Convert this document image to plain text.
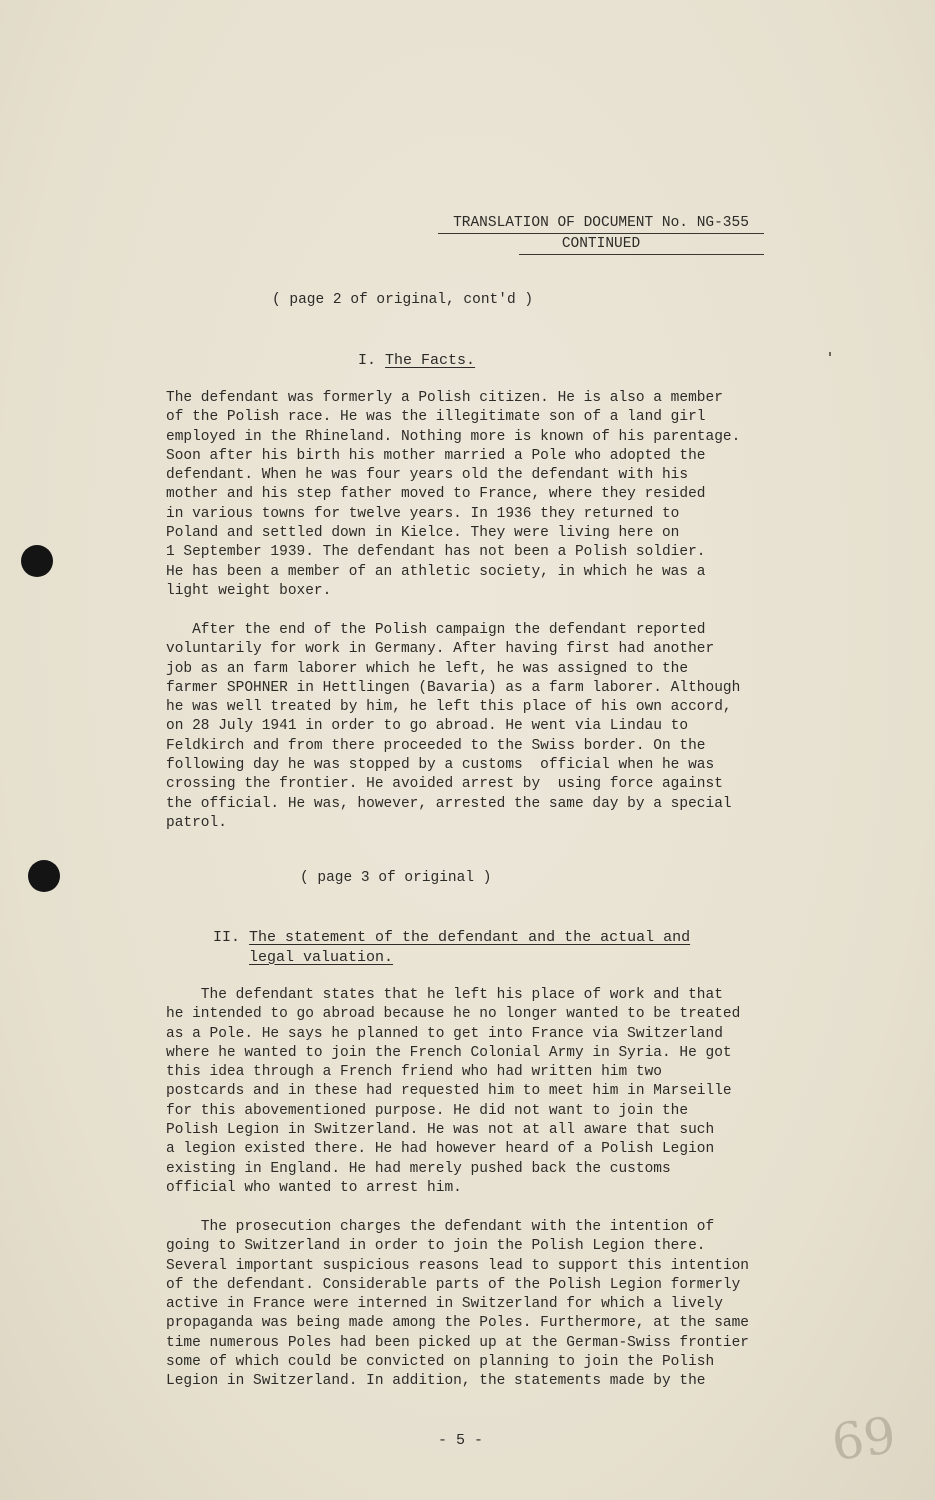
TRANSLATION OF DOCUMENT No. NG-355
CONTINUED
( page 2 of original, cont'd )
I. The Facts.
The defendant was formerly a Polish citizen. He is also a member
of the Polish race. He was the illegitimate son of a land girl
employed in the Rhineland. Nothing more is known of his parentage.
Soon after his birth his mother married a Pole who adopted the
defendant. When he was four years old the defendant with his
mother and his step father moved to France, where they resided
in various towns for twelve years. In 1936 they returned to
Poland and settled down in Kielce. They were living here on
1 September 1939. The defendant has not been a Polish soldier.
He has been a member of an athletic society, in which he was a
light weight boxer.
After the end of the Polish campaign the defendant reported
voluntarily for work in Germany. After having first had another
job as an farm laborer which he left, he was assigned to the
farmer SPOHNER in Hettlingen (Bavaria) as a farm laborer. Although
he was well treated by him, he left this place of his own accord,
on 28 July 1941 in order to go abroad. He went via Lindau to
Feldkirch and from there proceeded to the Swiss border. On the
following day he was stopped by a customs  official when he was
crossing the frontier. He avoided arrest by  using force against
the official. He was, however, arrested the same day by a special
patrol.
( page 3 of original )
II. The statement of the defendant and the actual and
legal valuation.
The defendant states that he left his place of work and that
he intended to go abroad because he no longer wanted to be treated
as a Pole. He says he planned to get into France via Switzerland
where he wanted to join the French Colonial Army in Syria. He got
this idea through a French friend who had written him two
postcards and in these had requested him to meet him in Marseille
for this abovementioned purpose. He did not want to join the
Polish Legion in Switzerland. He was not at all aware that such
a legion existed there. He had however heard of a Polish Legion
existing in England. He had merely pushed back the customs
official who wanted to arrest him.
The prosecution charges the defendant with the intention of
going to Switzerland in order to join the Polish Legion there.
Several important suspicious reasons lead to support this intention
of the defendant. Considerable parts of the Polish Legion formerly
active in France were interned in Switzerland for which a lively
propaganda was being made among the Poles. Furthermore, at the same
time numerous Poles had been picked up at the German-Swiss frontier
some of which could be convicted on planning to join the Polish
Legion in Switzerland. In addition, the statements made by the
- 5 -	69
